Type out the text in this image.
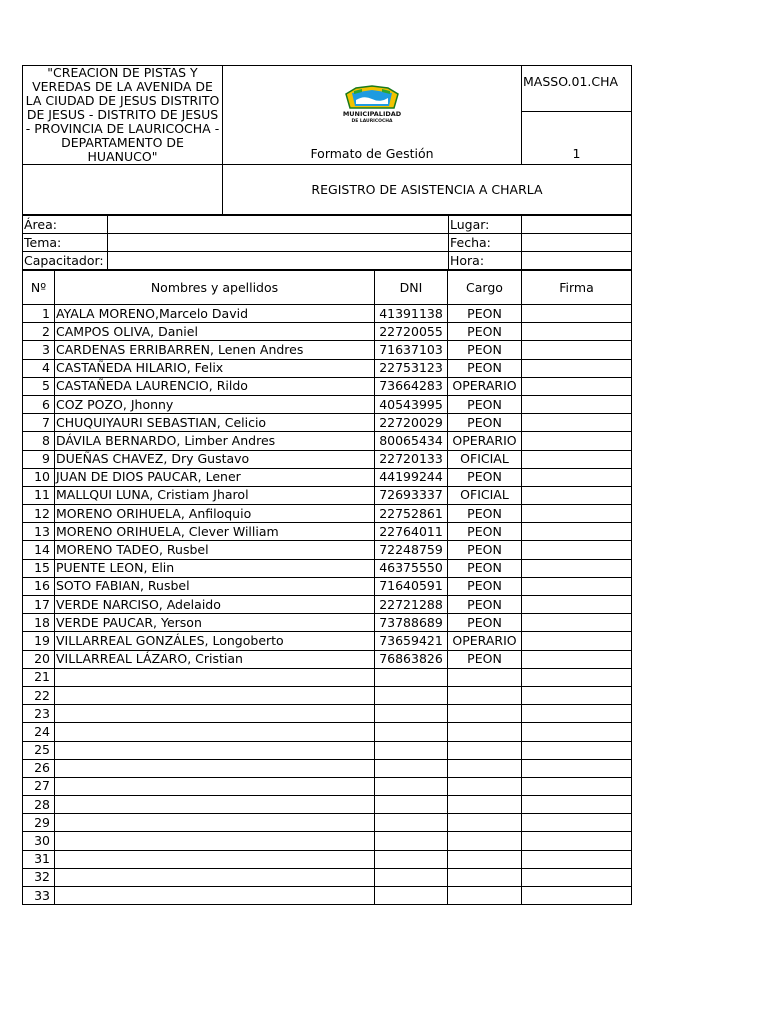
"CREACION DE PISTAS Y VEREDAS DE LA AVENIDA DE LA CIUDAD DE JESUS DISTRITO DE JESUS - DISTRITO DE JESUS - PROVINCIA DE LAURICOCHA - DEPARTAMENTO DE HUANUCO"	MUNICIPALIDAD
DE LAURICOCHA
Formato de Gestión	MASSO.01.CHA
		1
	REGISTRO DE ASISTENCIA A CHARLA	
Área:		Lugar:	
Tema:		Fecha:	
Capacitador:		Hora:	
Nº	Nombres y apellidos	DNI	Cargo	Firma
1	AYALA MORENO,Marcelo David	41391138	PEON	
2	CAMPOS OLIVA, Daniel	22720055	PEON	
3	CARDENAS ERRIBARREN, Lenen Andres	71637103	PEON	
4	CASTAÑEDA HILARIO, Felix	22753123	PEON	
5	CASTAÑEDA LAURENCIO, Rildo	73664283	OPERARIO	
6	COZ POZO, Jhonny	40543995	PEON	
7	CHUQUIYAURI SEBASTIAN, Celicio	22720029	PEON	
8	DÁVILA BERNARDO, Limber Andres	80065434	OPERARIO	
9	DUEÑAS CHAVEZ, Dry Gustavo	22720133	OFICIAL	
10	JUAN DE DIOS PAUCAR, Lener	44199244	PEON	
11	MALLQUI LUNA, Cristiam Jharol	72693337	OFICIAL	
12	MORENO ORIHUELA, Anfiloquio	22752861	PEON	
13	MORENO ORIHUELA, Clever William	22764011	PEON	
14	MORENO TADEO, Rusbel	72248759	PEON	
15	PUENTE LEON, Elin	46375550	PEON	
16	SOTO FABIAN, Rusbel	71640591	PEON	
17	VERDE NARCISO, Adelaido	22721288	PEON	
18	VERDE PAUCAR, Yerson	73788689	PEON	
19	VILLARREAL GONZÁLES, Longoberto	73659421	OPERARIO	
20	VILLARREAL LÁZARO, Cristian	76863826	PEON	
21				
22				
23				
24				
25				
26				
27				
28				
29				
30				
31				
32				
33				
